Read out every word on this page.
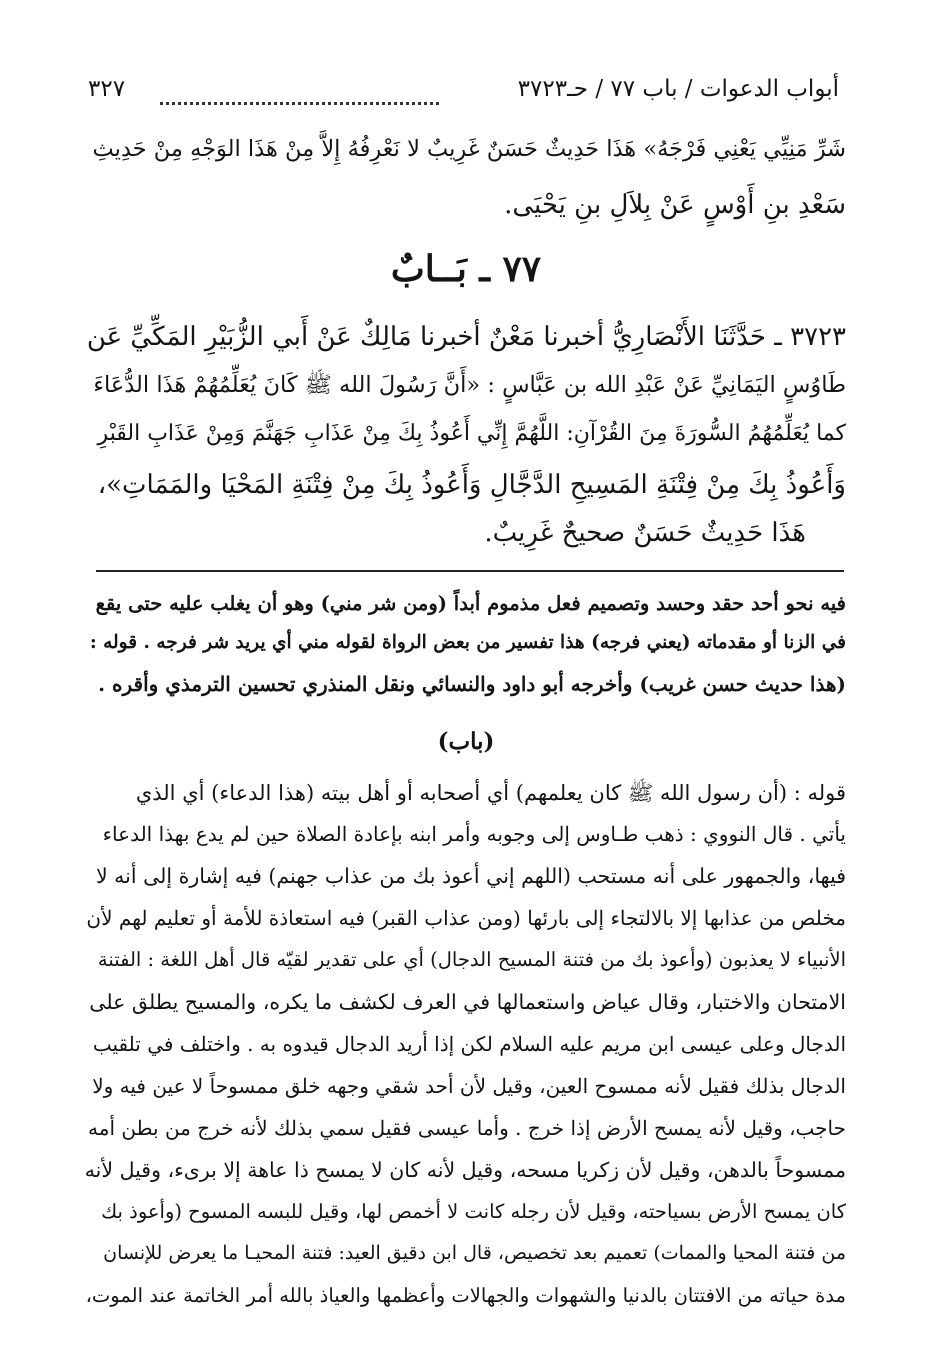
أبواب الدعوات / باب ٧٧ / حـ٣٧٢٣
٣٢٧
شَرِّ مَنِيِّي يَعْنِي فَرْجَهُ» هَذَا حَدِيثٌ حَسَنٌ غَرِيبٌ لا نَعْرِفُهُ إِلاَّ مِنْ هَذَا الوَجْهِ مِنْ حَدِيثِ
سَعْدِ بنِ أَوْسٍ عَنْ بِلاَلِ بنِ يَحْيَى.
٧٧ ـ بَــابٌ
٣٧٢٣ ـ حَدَّثَنَا الأَنْصَارِيُّ أخبرنا مَعْنٌ أخبرنا مَالِكٌ عَنْ أَبي الزُّبَيْرِ المَكِّيِّ عَن
طَاوُسٍ اليَمَانِيِّ عَنْ عَبْدِ الله بن عَبَّاسٍ : «أَنَّ رَسُولَ الله ﷺ كَانَ يُعَلِّمُهُمْ هَذَا الدُّعَاءَ
كما يُعَلِّمُهُمُ السُّورَةَ مِنَ القُرْآنِ: اللَّهُمَّ إِنِّي أَعُوذُ بِكَ مِنْ عَذَابِ جَهَنَّمَ وَمِنْ عَذَابِ القَبْرِ
وَأَعُوذُ بِكَ مِنْ فِتْنَةِ المَسِيحِ الدَّجَّالِ وَأَعُوذُ بِكَ مِنْ فِتْنَةِ المَحْيَا والمَمَاتِ»،
هَذَا حَدِيثٌ حَسَنٌ صحيحٌ غَرِيبٌ.
فيه نحو أحد حقد وحسد وتصميم فعل مذموم أبداً (ومن شر مني) وهو أن يغلب عليه حتى يقع
في الزنا أو مقدماته (يعني فرجه) هذا تفسير من بعض الرواة لقوله مني أي يريد شر فرجه . قوله :
(هذا حديث حسن غريب) وأخرجه أبو داود والنسائي ونقل المنذري تحسين الترمذي وأقره .
(باب)
قوله : (أن رسول الله ﷺ كان يعلمهم) أي أصحابه أو أهل بيته (هذا الدعاء) أي الذي
يأتي . قال النووي : ذهب طـاوس إلى وجوبه وأمر ابنه بإعادة الصلاة حين لم يدع بهذا الدعاء
فيها، والجمهور على أنه مستحب (اللهم إني أعوذ بك من عذاب جهنم) فيه إشارة إلى أنه لا
مخلص من عذابها إلا بالالتجاء إلى بارئها (ومن عذاب القبر) فيه استعاذة للأمة أو تعليم لهم لأن
الأنبياء لا يعذبون (وأعوذ بك من فتنة المسيح الدجال) أي على تقدير لقيّه قال أهل اللغة : الفتنة
الامتحان والاختبار، وقال عياض واستعمالها في العرف لكشف ما يكره، والمسيح يطلق على
الدجال وعلى عيسى ابن مريم عليه السلام لكن إذا أريد الدجال قيدوه به . واختلف في تلقيب
الدجال بذلك فقيل لأنه ممسوح العين، وقيل لأن أحد شقي وجهه خلق ممسوحاً لا عين فيه ولا
حاجب، وقيل لأنه يمسح الأرض إذا خرج . وأما عيسى فقيل سمي بذلك لأنه خرج من بطن أمه
ممسوحاً بالدهن، وقيل لأن زكريا مسحه، وقيل لأنه كان لا يمسح ذا عاهة إلا برىء، وقيل لأنه
كان يمسح الأرض بسياحته، وقيل لأن رجله كانت لا أخمص لها، وقيل للبسه المسوح (وأعوذ بك
من فتنة المحيا والممات) تعميم بعد تخصيص، قال ابن دقيق العيد: فتنة المحيـا ما يعرض للإنسان
مدة حياته من الافتتان بالدنيا والشهوات والجهالات وأعظمها والعياذ بالله أمر الخاتمة عند الموت،
